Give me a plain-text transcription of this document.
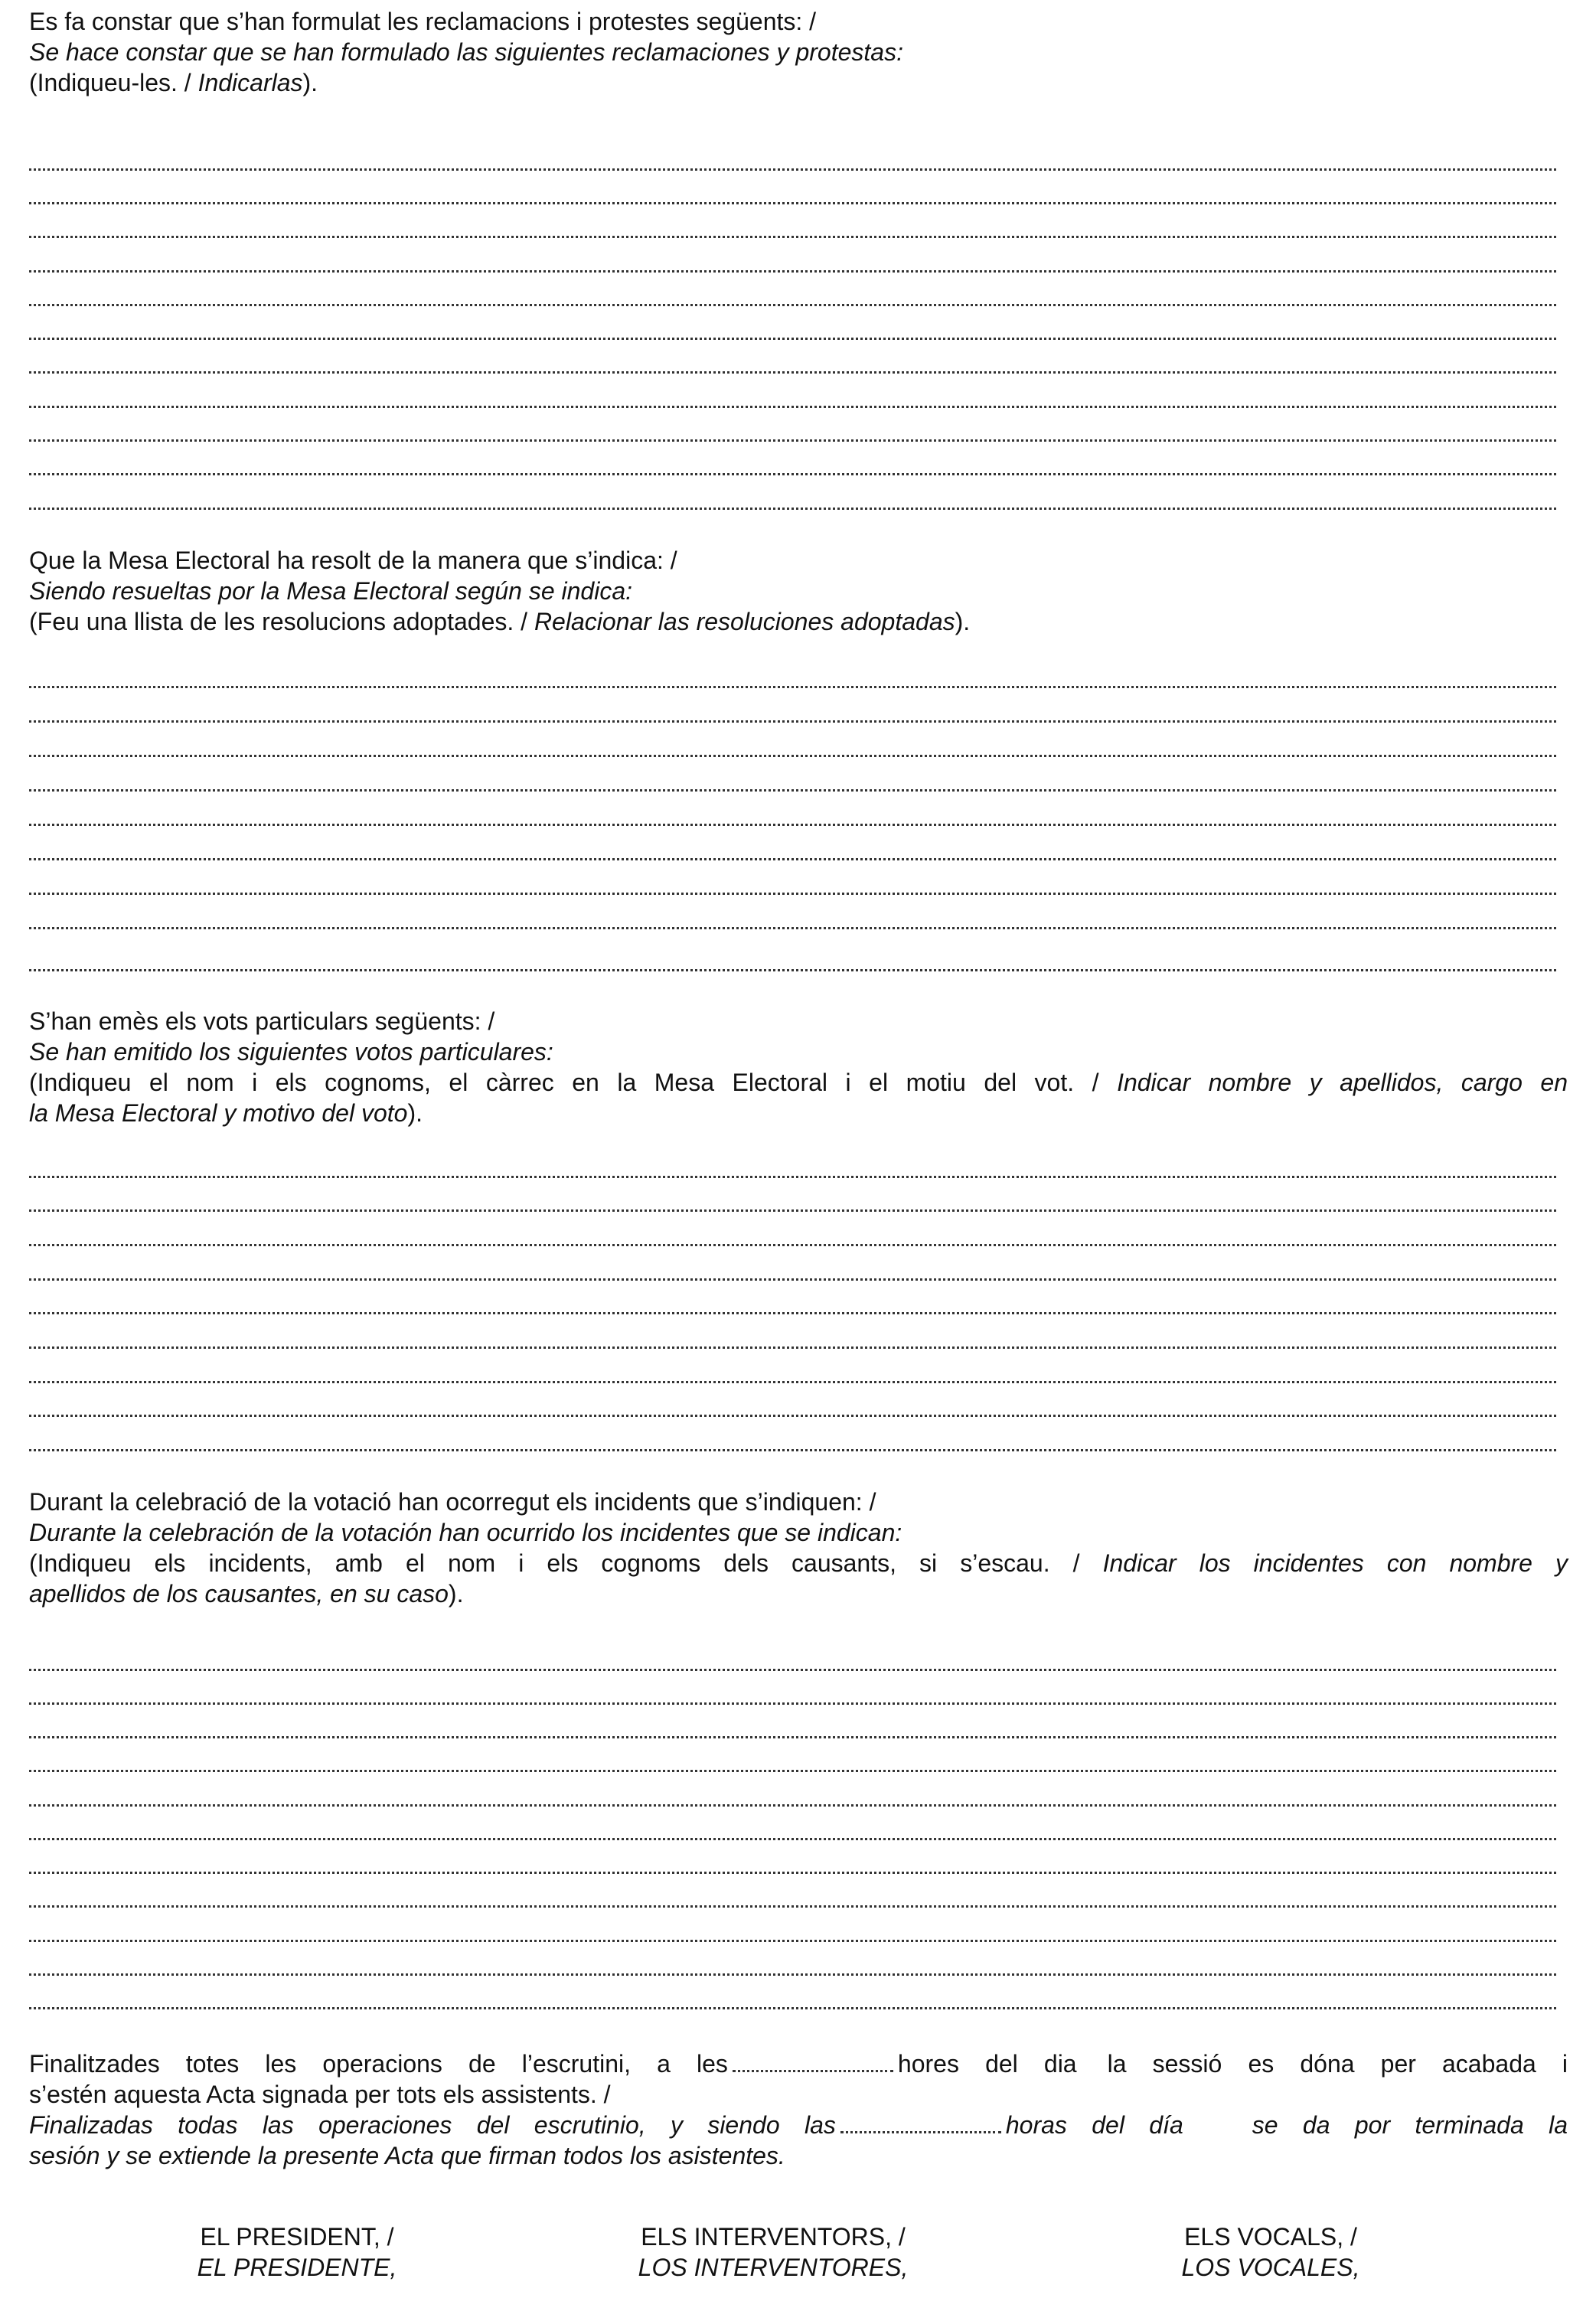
Es fa constar que s’han formulat les reclamacions i protestes següents: /
Se hace constar que se han formulado las siguientes reclamaciones y protestas:
(Indiqueu-les. / Indicarlas).
Que la Mesa Electoral ha resolt de la manera que s’indica: /
Siendo resueltas por la Mesa Electoral según se indica:
(Feu una llista de les resolucions adoptades. / Relacionar las resoluciones adoptadas).
S’han emès els vots particulars següents: /
Se han emitido los siguientes votos particulares:
(Indiqueu el nom i els cognoms, el càrrec en la Mesa Electoral i el motiu del vot. / Indicar nombre y apellidos, cargo en
la Mesa Electoral y motivo del voto).
Durant la celebració de la votació han ocorregut els incidents que s’indiquen: /
Durante la celebración de la votación han ocurrido los incidentes que se indican:
(Indiqueu els incidents, amb el nom i els cognoms dels causants, si s’escau. / Indicar los incidentes con nombre y
apellidos de los causantes, en su caso).
Finalitzades totes les operacions de l’escrutini, a les	hores del dia la sessió es dóna per acabada i
s’estén aquesta Acta signada per tots els assistents. /
Finalizadas todas las operaciones del escrutinio, y siendo las	horas del día	se da por terminada la
sesión y se extiende la presente Acta que firman todos los asistentes.
EL PRESIDENT, /
EL PRESIDENTE,
ELS INTERVENTORS, /
LOS INTERVENTORES,
ELS VOCALS, /
LOS VOCALES,
